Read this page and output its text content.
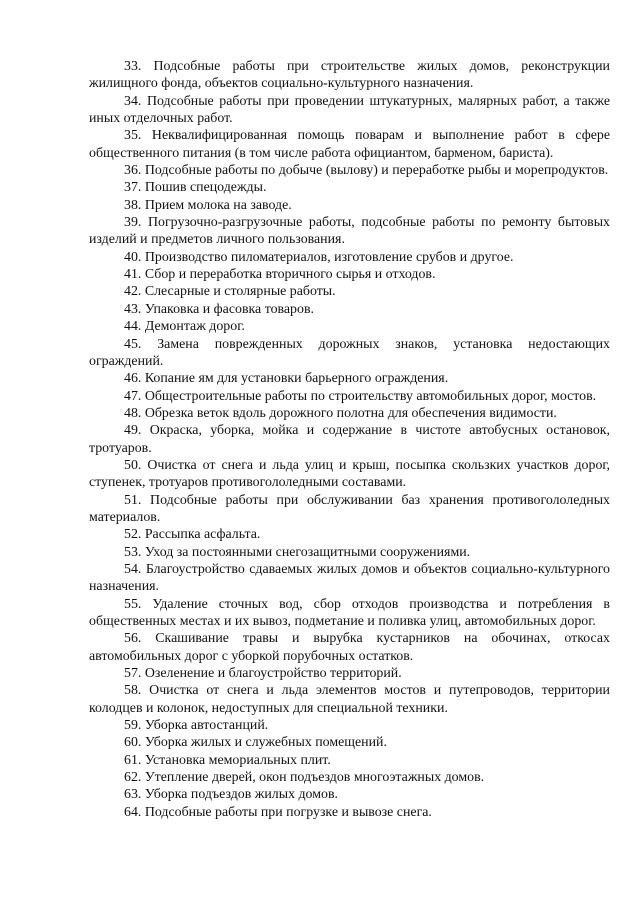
33. Подсобные работы при строительстве жилых домов, реконструкции жилищного фонда, объектов социально-культурного назначения.

34. Подсобные работы при проведении штукатурных, малярных работ, а также иных отделочных работ.

35. Неквалифицированная помощь поварам и выполнение работ в сфере общественного питания (в том числе работа официантом, барменом, бариста).

36. Подсобные работы по добыче (вылову) и переработке рыбы и морепродуктов.

37. Пошив спецодежды.

38. Прием молока на заводе.

39. Погрузочно-разгрузочные работы, подсобные работы по ремонту бытовых изделий и предметов личного пользования.

40. Производство пиломатериалов, изготовление срубов и другое.

41. Сбор и переработка вторичного сырья и отходов.

42. Слесарные и столярные работы.

43. Упаковка и фасовка товаров.

44. Демонтаж дорог.

45. Замена поврежденных дорожных знаков, установка недостающих ограждений.

46. Копание ям для установки барьерного ограждения.

47. Общестроительные работы по строительству автомобильных дорог, мостов.

48. Обрезка веток вдоль дорожного полотна для обеспечения видимости.

49. Окраска, уборка, мойка и содержание в чистоте автобусных остановок, тротуаров.

50. Очистка от снега и льда улиц и крыш, посыпка скользких участков дорог, ступенек, тротуаров противогололедными составами.

51. Подсобные работы при обслуживании баз хранения противогололедных материалов.

52. Рассыпка асфальта.

53. Уход за постоянными снегозащитными сооружениями.

54. Благоустройство сдаваемых жилых домов и объектов социально-культурного назначения.

55. Удаление сточных вод, сбор отходов производства и потребления в общественных местах и их вывоз, подметание и поливка улиц, автомобильных дорог.

56. Скашивание травы и вырубка кустарников на обочинах, откосах автомобильных дорог с уборкой порубочных остатков.

57. Озеленение и благоустройство территорий.

58. Очистка от снега и льда элементов мостов и путепроводов, территории колодцев и колонок, недоступных для специальной техники.

59. Уборка автостанций.

60. Уборка жилых и служебных помещений.

61. Установка мемориальных плит.

62. Утепление дверей, окон подъездов многоэтажных домов.

63. Уборка подъездов жилых домов.

64. Подсобные работы при погрузке и вывозе снега.
